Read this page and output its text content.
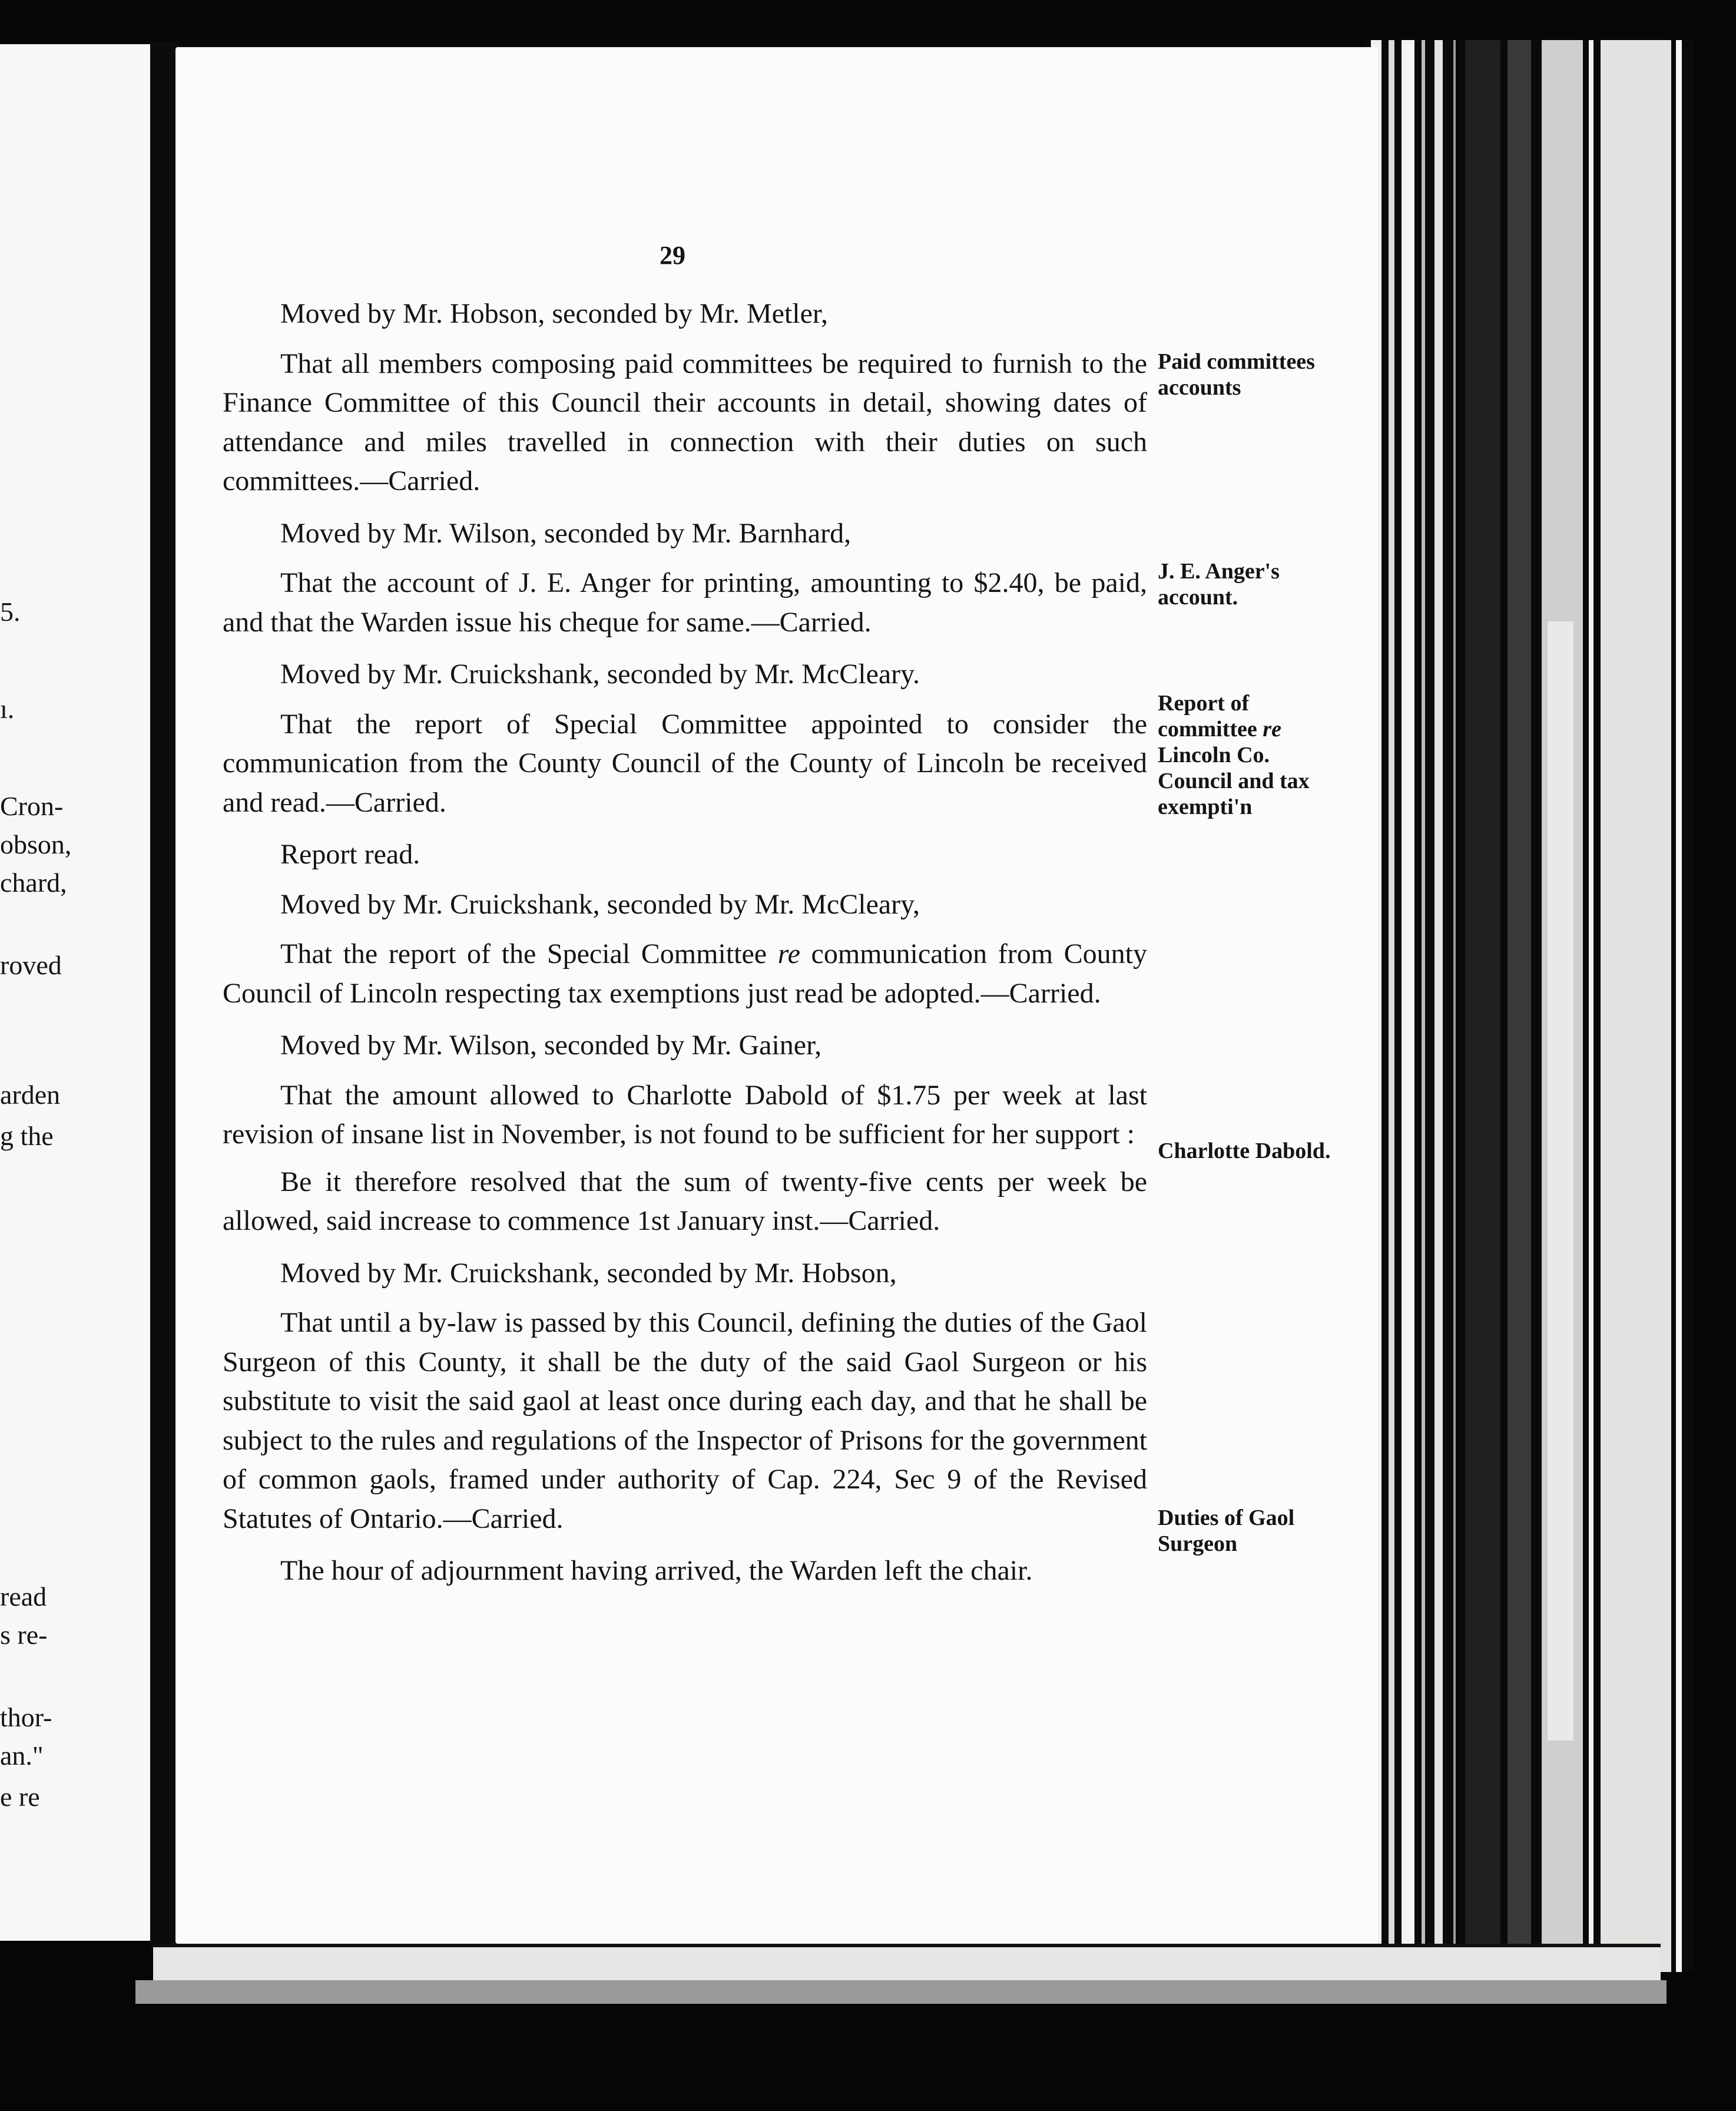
5.
ı.
Cron-
obson,
chard,
roved
arden
g the
read
s re-
thor-
an."
e re
29

Moved by Mr. Hobson, seconded by Mr. Metler,

That all members composing paid committees be required to furnish to the Finance Committee of this Council their accounts in detail, showing dates of attendance and miles travelled in connection with their duties on such committees.—Carried.

Moved by Mr. Wilson, seconded by Mr. Barnhard,

That the account of J. E. Anger for printing, amounting to $2.40, be paid, and that the Warden issue his cheque for same.—Carried.

Moved by Mr. Cruickshank, seconded by Mr. McCleary.

That the report of Special Committee appointed to consider the communication from the County Council of the County of Lincoln be received and read.—Carried.

Report read.

Moved by Mr. Cruickshank, seconded by Mr. McCleary,

That the report of the Special Committee re communication from County Council of Lincoln respecting tax exemptions just read be adopted.—Carried.

Moved by Mr. Wilson, seconded by Mr. Gainer,

That the amount allowed to Charlotte Dabold of $1.75 per week at last revision of insane list in November, is not found to be sufficient for her support :

Be it therefore resolved that the sum of twenty-five cents per week be allowed, said increase to commence 1st January inst.—Carried.

Moved by Mr. Cruickshank, seconded by Mr. Hobson,

That until a by-law is passed by this Council, defining the duties of the Gaol Surgeon of this County, it shall be the duty of the said Gaol Surgeon or his substitute to visit the said gaol at least once during each day, and that he shall be subject to the rules and regulations of the Inspector of Prisons for the government of common gaols, framed under authority of Cap. 224, Sec 9 of the Revised Statutes of Ontario.—Carried.

The hour of adjournment having arrived, the Warden left the chair.

Paid committees accounts
J. E. Anger's account.
Report of committee re Lincoln Co. Council and tax exempti'n
Charlotte Dabold.
Duties of Gaol Surgeon
